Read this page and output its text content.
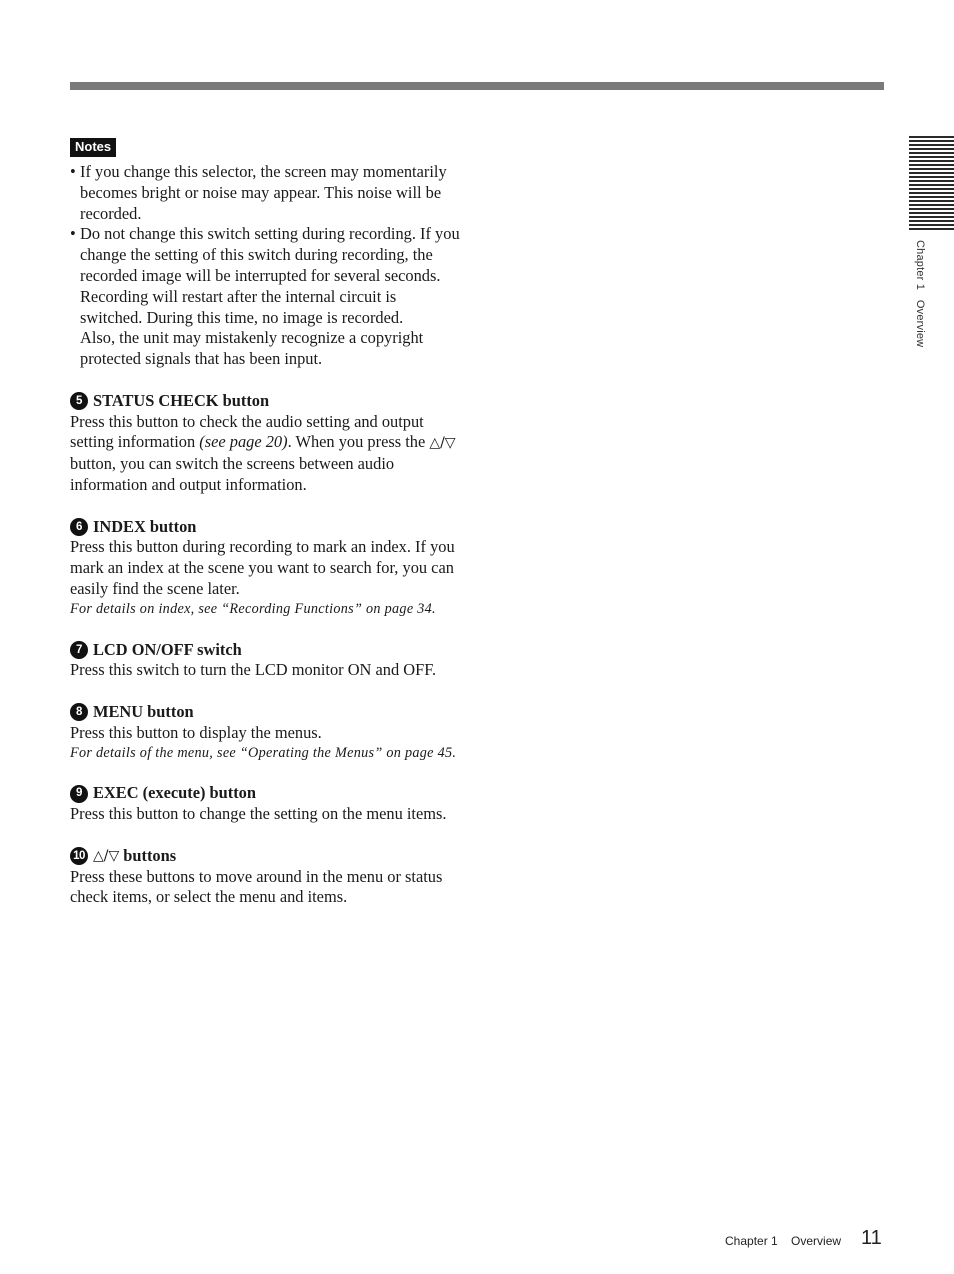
Chapter 1   Overview
Notes
• If you change this selector, the screen may momentarily becomes bright or noise may appear. This noise will be recorded.

• Do not change this switch setting during recording. If you change the setting of this switch during recording, the recorded image will be interrupted for several seconds. Recording will restart after the internal circuit is switched. During this time, no image is recorded.

Also, the unit may mistakenly recognize a copyright protected signals that has been input.

5 STATUS CHECK button

Press this button to check the audio setting and output setting information (see page 20). When you press the △/▽ button, you can switch the screens between audio information and output information.

6 INDEX button

Press this button during recording to mark an index. If you mark an index at the scene you want to search for, you can easily find the scene later.

For details on index, see “Recording Functions” on page 34.

7 LCD ON/OFF switch

Press this switch to turn the LCD monitor ON and OFF.

8 MENU button

Press this button to display the menus.

For details of the menu, see “Operating the Menus” on page 45.

9 EXEC (execute) button

Press this button to change the setting on the menu items.

10 △/▽ buttons

Press these buttons to move around in the menu or status check items, or select the menu and items.

Chapter 1    Overview 11
